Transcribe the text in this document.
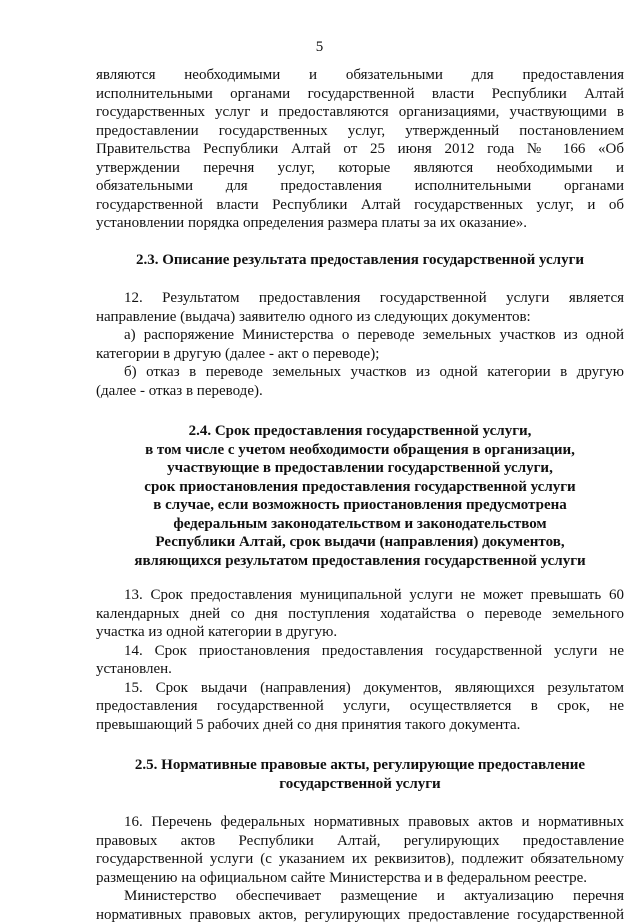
5
являются необходимыми и обязательными для предоставления
исполнительными органами государственной власти Республики Алтай
государственных услуг и предоставляются организациями, участвующими в
предоставлении государственных услуг, утвержденный постановлением
Правительства Республики Алтай от 25 июня 2012 года № 166 «Об
утверждении перечня услуг, которые являются необходимыми и
обязательными для предоставления исполнительными органами
государственной власти Республики Алтай государственных услуг, и об
установлении порядка определения размера платы за их оказание».
2.3. Описание результата предоставления государственной услуги
12. Результатом предоставления государственной услуги является
направление (выдача) заявителю одного из следующих документов:
а) распоряжение Министерства о переводе земельных участков из одной
категории в другую (далее - акт о переводе);
б) отказ в переводе земельных участков из одной категории в другую
(далее - отказ в переводе).
2.4. Срок предоставления государственной услуги,
в том числе с учетом необходимости обращения в организации,
участвующие в предоставлении государственной услуги,
срок приостановления предоставления государственной услуги
в случае, если возможность приостановления предусмотрена
федеральным законодательством и законодательством
Республики Алтай, срок выдачи (направления) документов,
являющихся результатом предоставления государственной услуги
13. Срок предоставления муниципальной услуги не может превышать 60
календарных дней со дня поступления ходатайства о переводе земельного
участка из одной категории в другую.
14. Срок приостановления предоставления государственной услуги не
установлен.
15. Срок выдачи (направления) документов, являющихся результатом
предоставления государственной услуги, осуществляется в срок, не
превышающий 5 рабочих дней со дня принятия такого документа.
2.5. Нормативные правовые акты, регулирующие предоставление
государственной услуги
16. Перечень федеральных нормативных правовых актов и нормативных
правовых актов Республики Алтай, регулирующих предоставление
государственной услуги (с указанием их реквизитов), подлежит обязательному
размещению на официальном сайте Министерства и в федеральном реестре.
Министерство обеспечивает размещение и актуализацию перечня
нормативных правовых актов, регулирующих предоставление государственной
